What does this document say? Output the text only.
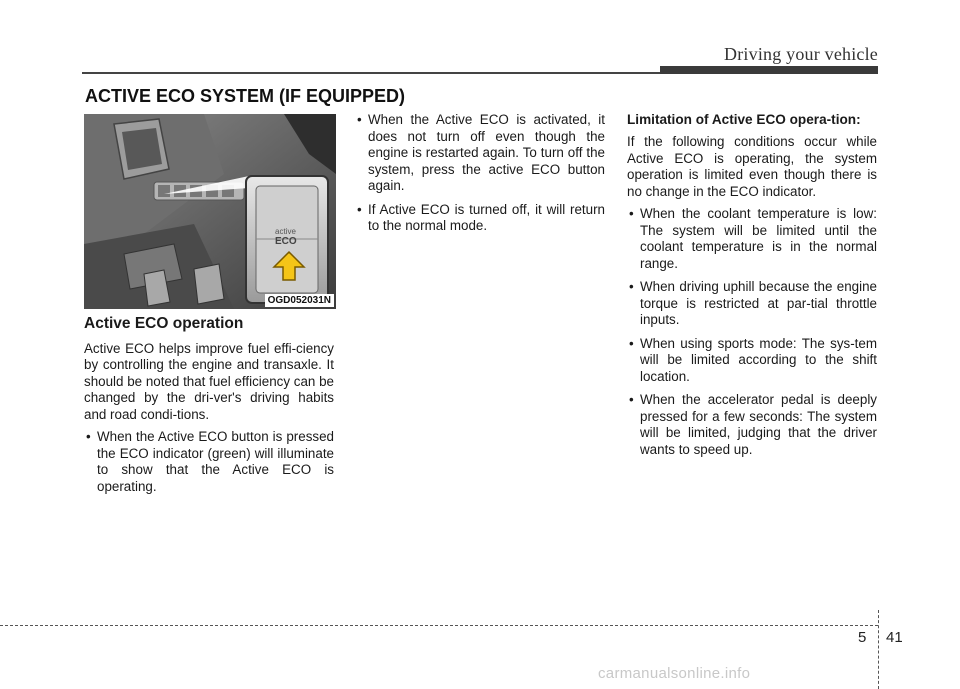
Driving your vehicle
ACTIVE ECO SYSTEM (IF EQUIPPED)
active
ECO
OGD052031N
Active ECO operation

Active ECO helps improve fuel effi-ciency by controlling the engine and transaxle. It should be noted that fuel efficiency can be changed by the dri-ver's driving habits and road condi-tions.

• When the Active ECO button is pressed the ECO indicator (green) will illuminate to show that the Active ECO is operating.
• When the Active ECO is activated, it does not turn off even though the engine is restarted again. To turn off the system, press the active ECO button again.
• If Active ECO is turned off, it will return to the normal mode.
Limitation of Active ECO opera-tion:

If the following conditions occur while Active ECO is operating, the system operation is limited even though there is no change in the ECO indicator.

• When the coolant temperature is low: The system will be limited until the coolant temperature is in the normal range.
• When driving uphill because the engine torque is restricted at par-tial throttle inputs.
• When using sports mode: The sys-tem will be limited according to the shift location.
• When the accelerator pedal is deeply pressed for a few seconds: The system will be limited, judging that the driver wants to speed up.
5 41
carmanualsonline.info
